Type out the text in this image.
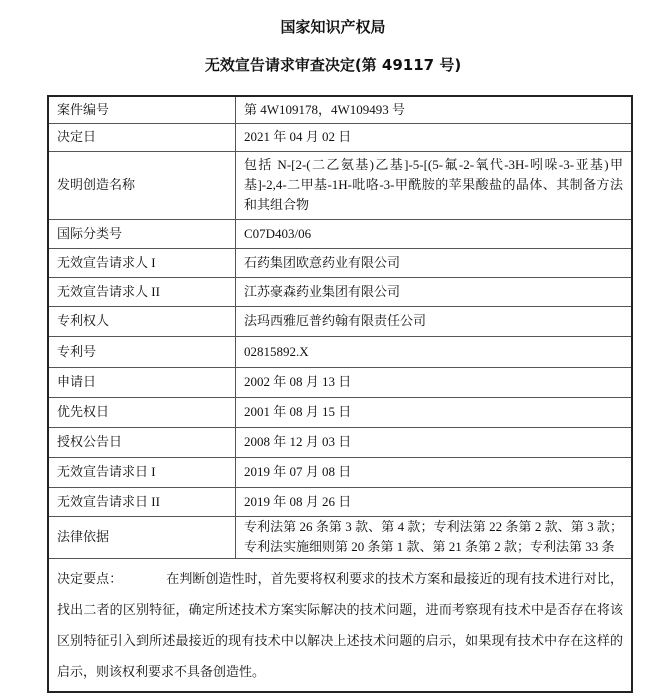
国家知识产权局
无效宣告请求审查决定(第 49117 号)
案件编号	第 4W109178，4W109493 号
决定日	2021 年 04 月 02 日
发明创造名称	包括 N-[2-(二乙氨基)乙基]-5-[(5-氟-2-氧代-3H-吲哚-3-亚基)甲基]-2,4-二甲基-1H-吡咯-3-甲酰胺的苹果酸盐的晶体、其制备方法和其组合物
国际分类号	C07D403/06
无效宣告请求人 I	石药集团欧意药业有限公司
无效宣告请求人 II	江苏豪森药业集团有限公司
专利权人	法玛西雅厄普约翰有限责任公司
专利号	02815892.X
申请日	2002 年 08 月 13 日
优先权日	2001 年 08 月 15 日
授权公告日	2008 年 12 月 03 日
无效宣告请求日 I	2019 年 07 月 08 日
无效宣告请求日 II	2019 年 08 月 26 日
法律依据	专利法第 26 条第 3 款、第 4 款；专利法第 22 条第 2 款、第 3 款；专利法实施细则第 20 条第 1 款、第 21 条第 2 款；专利法第 33 条
决定要点： 在判断创造性时，首先要将权利要求的技术方案和最接近的现有技术进行对比，找出二者的区别特征，确定所述技术方案实际解决的技术问题，进而考察现有技术中是否存在将该区别特征引入到所述最接近的现有技术中以解决上述技术问题的启示，如果现有技术中存在这样的启示，则该权利要求不具备创造性。	
